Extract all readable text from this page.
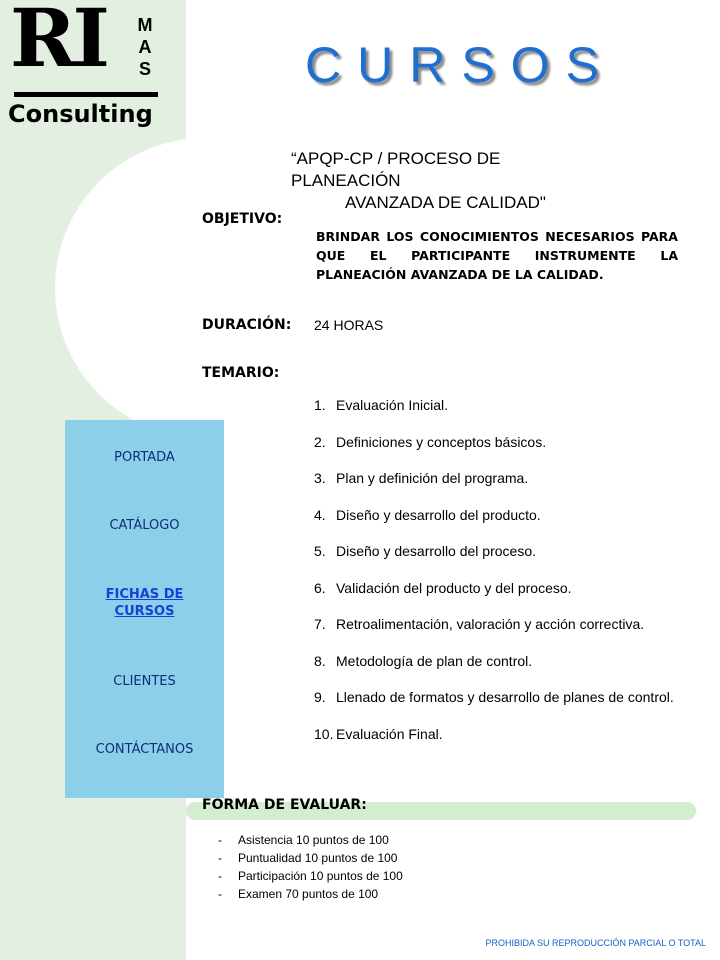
RI M
A
S
Consulting
CURSOS
“APQP-CP / PROCESO DE PLANEACIÓN
AVANZADA DE CALIDAD"
OBJETIVO:
BRINDAR LOS CONOCIMIENTOS NECESARIOS PARA QUE EL PARTICIPANTE INSTRUMENTE LA PLANEACIÓN AVANZADA DE LA CALIDAD.
DURACIÓN: 24 HORAS
TEMARIO:
1. Evaluación Inicial.
2. Definiciones y conceptos básicos.
3. Plan y definición del programa.
4. Diseño y desarrollo del producto.
5. Diseño y desarrollo del proceso.
6. Validación del producto y del proceso.
7. Retroalimentación, valoración y acción correctiva.
8. Metodología de plan de control.
9. Llenado de formatos y desarrollo de planes de control.
10. Evaluación Final.
PORTADA
CATÁLOGO
FICHAS DE
CURSOS
CLIENTES
CONTÁCTANOS
FORMA DE EVALUAR:
- Asistencia 10 puntos de 100
- Puntualidad 10 puntos de 100
- Participación 10 puntos de 100
- Examen 70 puntos de 100
PROHIBIDA SU REPRODUCCIÓN PARCIAL O TOTAL
